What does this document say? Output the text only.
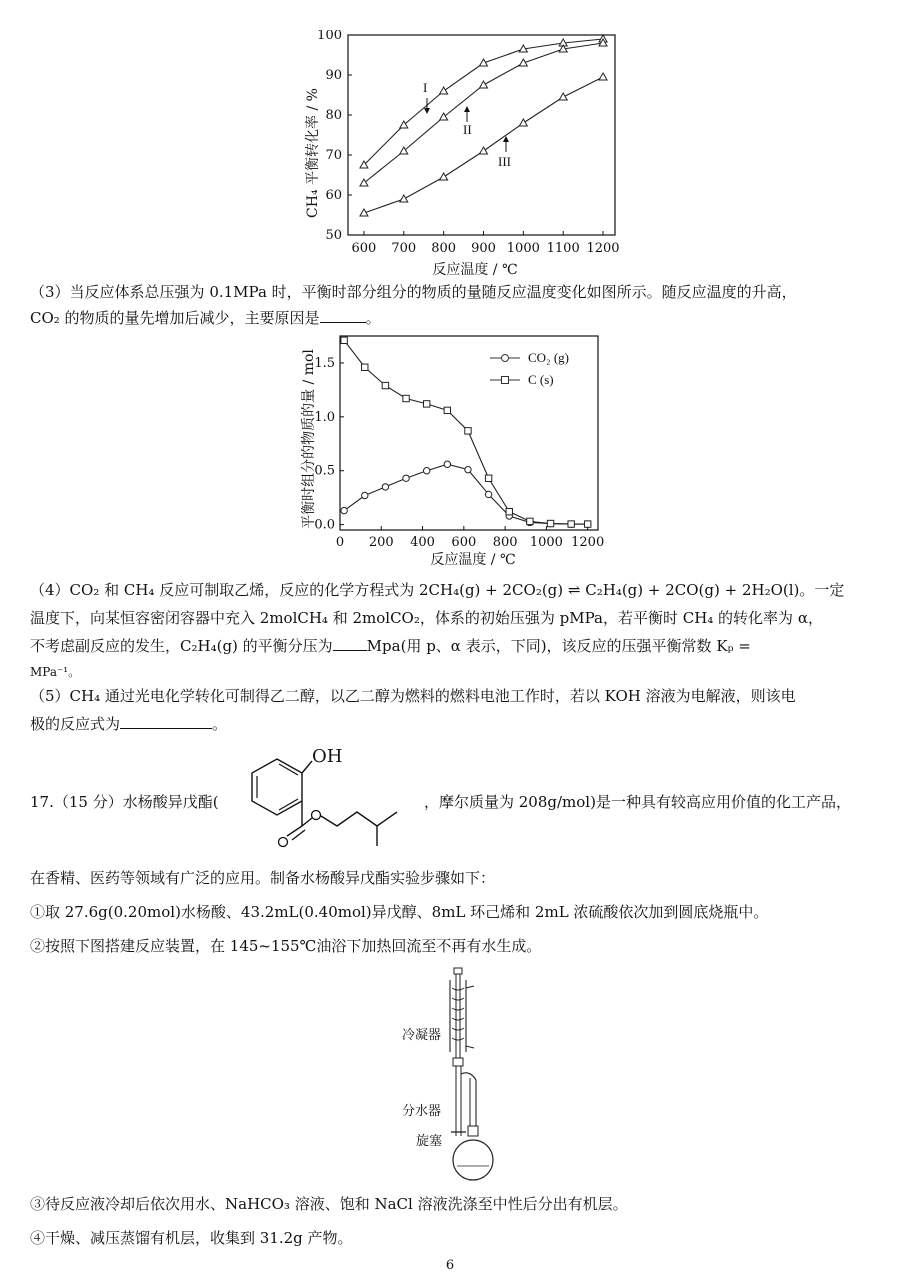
600 700 800 900 1000 1100 1200
50
60
70
80
90
100
反应温度 / ℃
CH₄ 平衡转化率 / %
I
II
III
（3）当反应体系总压强为 0.1MPa 时，平衡时部分组分的物质的量随反应温度变化如图所示。随反应温度的升高，
CO₂ 的物质的量先增加后减少，主要原因是	。
0 200 400 600 800 1000 1200
0.0
0.5
1.0
1.5
反应温度 / ℃
平衡时组分的物质的量 / mol	CO₂ (g)
C (s)
（4）CO₂ 和 CH₄ 反应可制取乙烯，反应的化学方程式为 2CH₄(g) + 2CO₂(g) ⇌ C₂H₄(g) + 2CO(g) + 2H₂O(l)。一定
温度下，向某恒容密闭容器中充入 2molCH₄ 和 2molCO₂，体系的初始压强为 pMPa，若平衡时 CH₄ 的转化率为 α，
不考虑副反应的发生，C₂H₄(g) 的平衡分压为 Mpa(用 p、α 表示，下同)，该反应的压强平衡常数 Kₚ =
MPa⁻¹。
（5）CH₄ 通过光电化学转化可制得乙二醇，以乙二醇为燃料的燃料电池工作时，若以 KOH 溶液为电解液，则该电
极的反应式为	。
17.（15 分）水杨酸异戊酯(
OH
，摩尔质量为 208g/mol)是一种具有较高应用价值的化工产品，
在香精、医药等领域有广泛的应用。制备水杨酸异戊酯实验步骤如下：
①取 27.6g(0.20mol)水杨酸、43.2mL(0.40mol)异戊醇、8mL 环己烯和 2mL 浓硫酸依次加到圆底烧瓶中。
②按照下图搭建反应装置，在 145~155℃油浴下加热回流至不再有水生成。
冷凝器
分水器
旋塞
③待反应液冷却后依次用水、NaHCO₃ 溶液、饱和 NaCl 溶液洗涤至中性后分出有机层。
④干燥、减压蒸馏有机层，收集到 31.2g 产物。
6
